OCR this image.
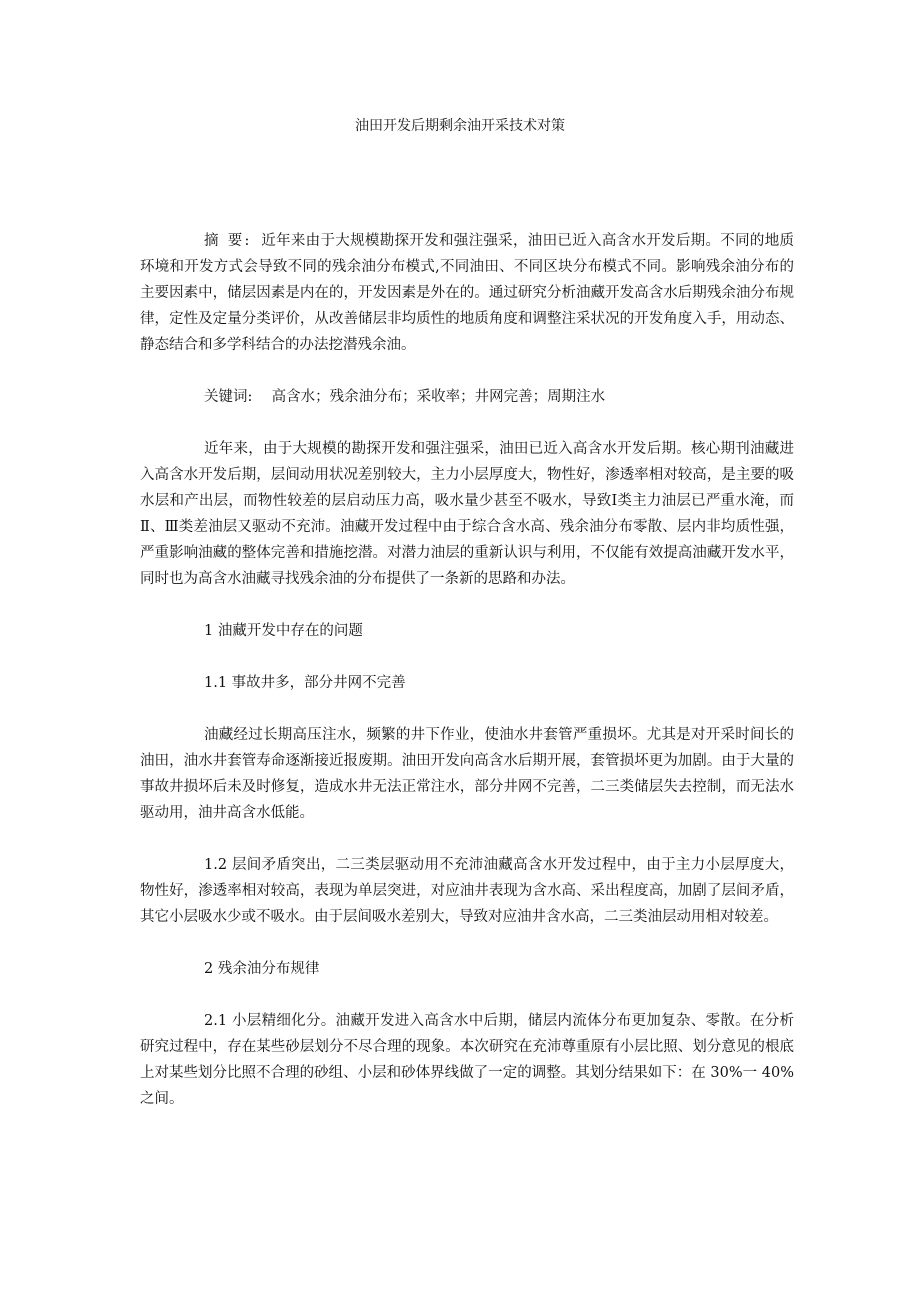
油田开发后期剩余油开采技术对策

摘 要: 近年来由于大规模勘探开发和强注强采，油田已近入高含水开发后期。不同的地质环境和开发方式会导致不同的残余油分布模式,不同油田、不同区块分布模式不同。影响残余油分布的主要因素中，储层因素是内在的，开发因素是外在的。通过研究分析油藏开发高含水后期残余油分布规律，定性及定量分类评价，从改善储层非均质性的地质角度和调整注采状况的开发角度入手，用动态、静态结合和多学科结合的办法挖潜残余油。

关键词: 高含水；残余油分布；采收率；井网完善；周期注水

近年来，由于大规模的勘探开发和强注强采，油田已近入高含水开发后期。核心期刊油藏进入高含水开发后期，层间动用状况差别较大，主力小层厚度大，物性好，渗透率相对较高，是主要的吸水层和产出层，而物性较差的层启动压力高，吸水量少甚至不吸水，导致Ⅰ类主力油层已严重水淹，而Ⅱ、Ⅲ类差油层又驱动不充沛。油藏开发过程中由于综合含水高、残余油分布零散、层内非均质性强，严重影响油藏的整体完善和措施挖潜。对潜力油层的重新认识与利用，不仅能有效提高油藏开发水平，同时也为高含水油藏寻找残余油的分布提供了一条新的思路和办法。

1 油藏开发中存在的问题

1.1 事故井多，部分井网不完善

油藏经过长期高压注水，频繁的井下作业，使油水井套管严重损坏。尤其是对开采时间长的油田，油水井套管寿命逐渐接近报废期。油田开发向高含水后期开展，套管损坏更为加剧。由于大量的事故井损坏后未及时修复，造成水井无法正常注水，部分井网不完善，二三类储层失去控制，而无法水驱动用，油井高含水低能。

1.2 层间矛盾突出，二三类层驱动用不充沛油藏高含水开发过程中，由于主力小层厚度大，物性好，渗透率相对较高，表现为单层突进，对应油井表现为含水高、采出程度高，加剧了层间矛盾，其它小层吸水少或不吸水。由于层间吸水差别大，导致对应油井含水高，二三类油层动用相对较差。

2 残余油分布规律

2.1 小层精细化分。油藏开发进入高含水中后期，储层内流体分布更加复杂、零散。在分析研究过程中，存在某些砂层划分不尽合理的现象。本次研究在充沛尊重原有小层比照、划分意见的根底上对某些划分比照不合理的砂组、小层和砂体界线做了一定的调整。其划分结果如下：在 30%一 40%之间。
